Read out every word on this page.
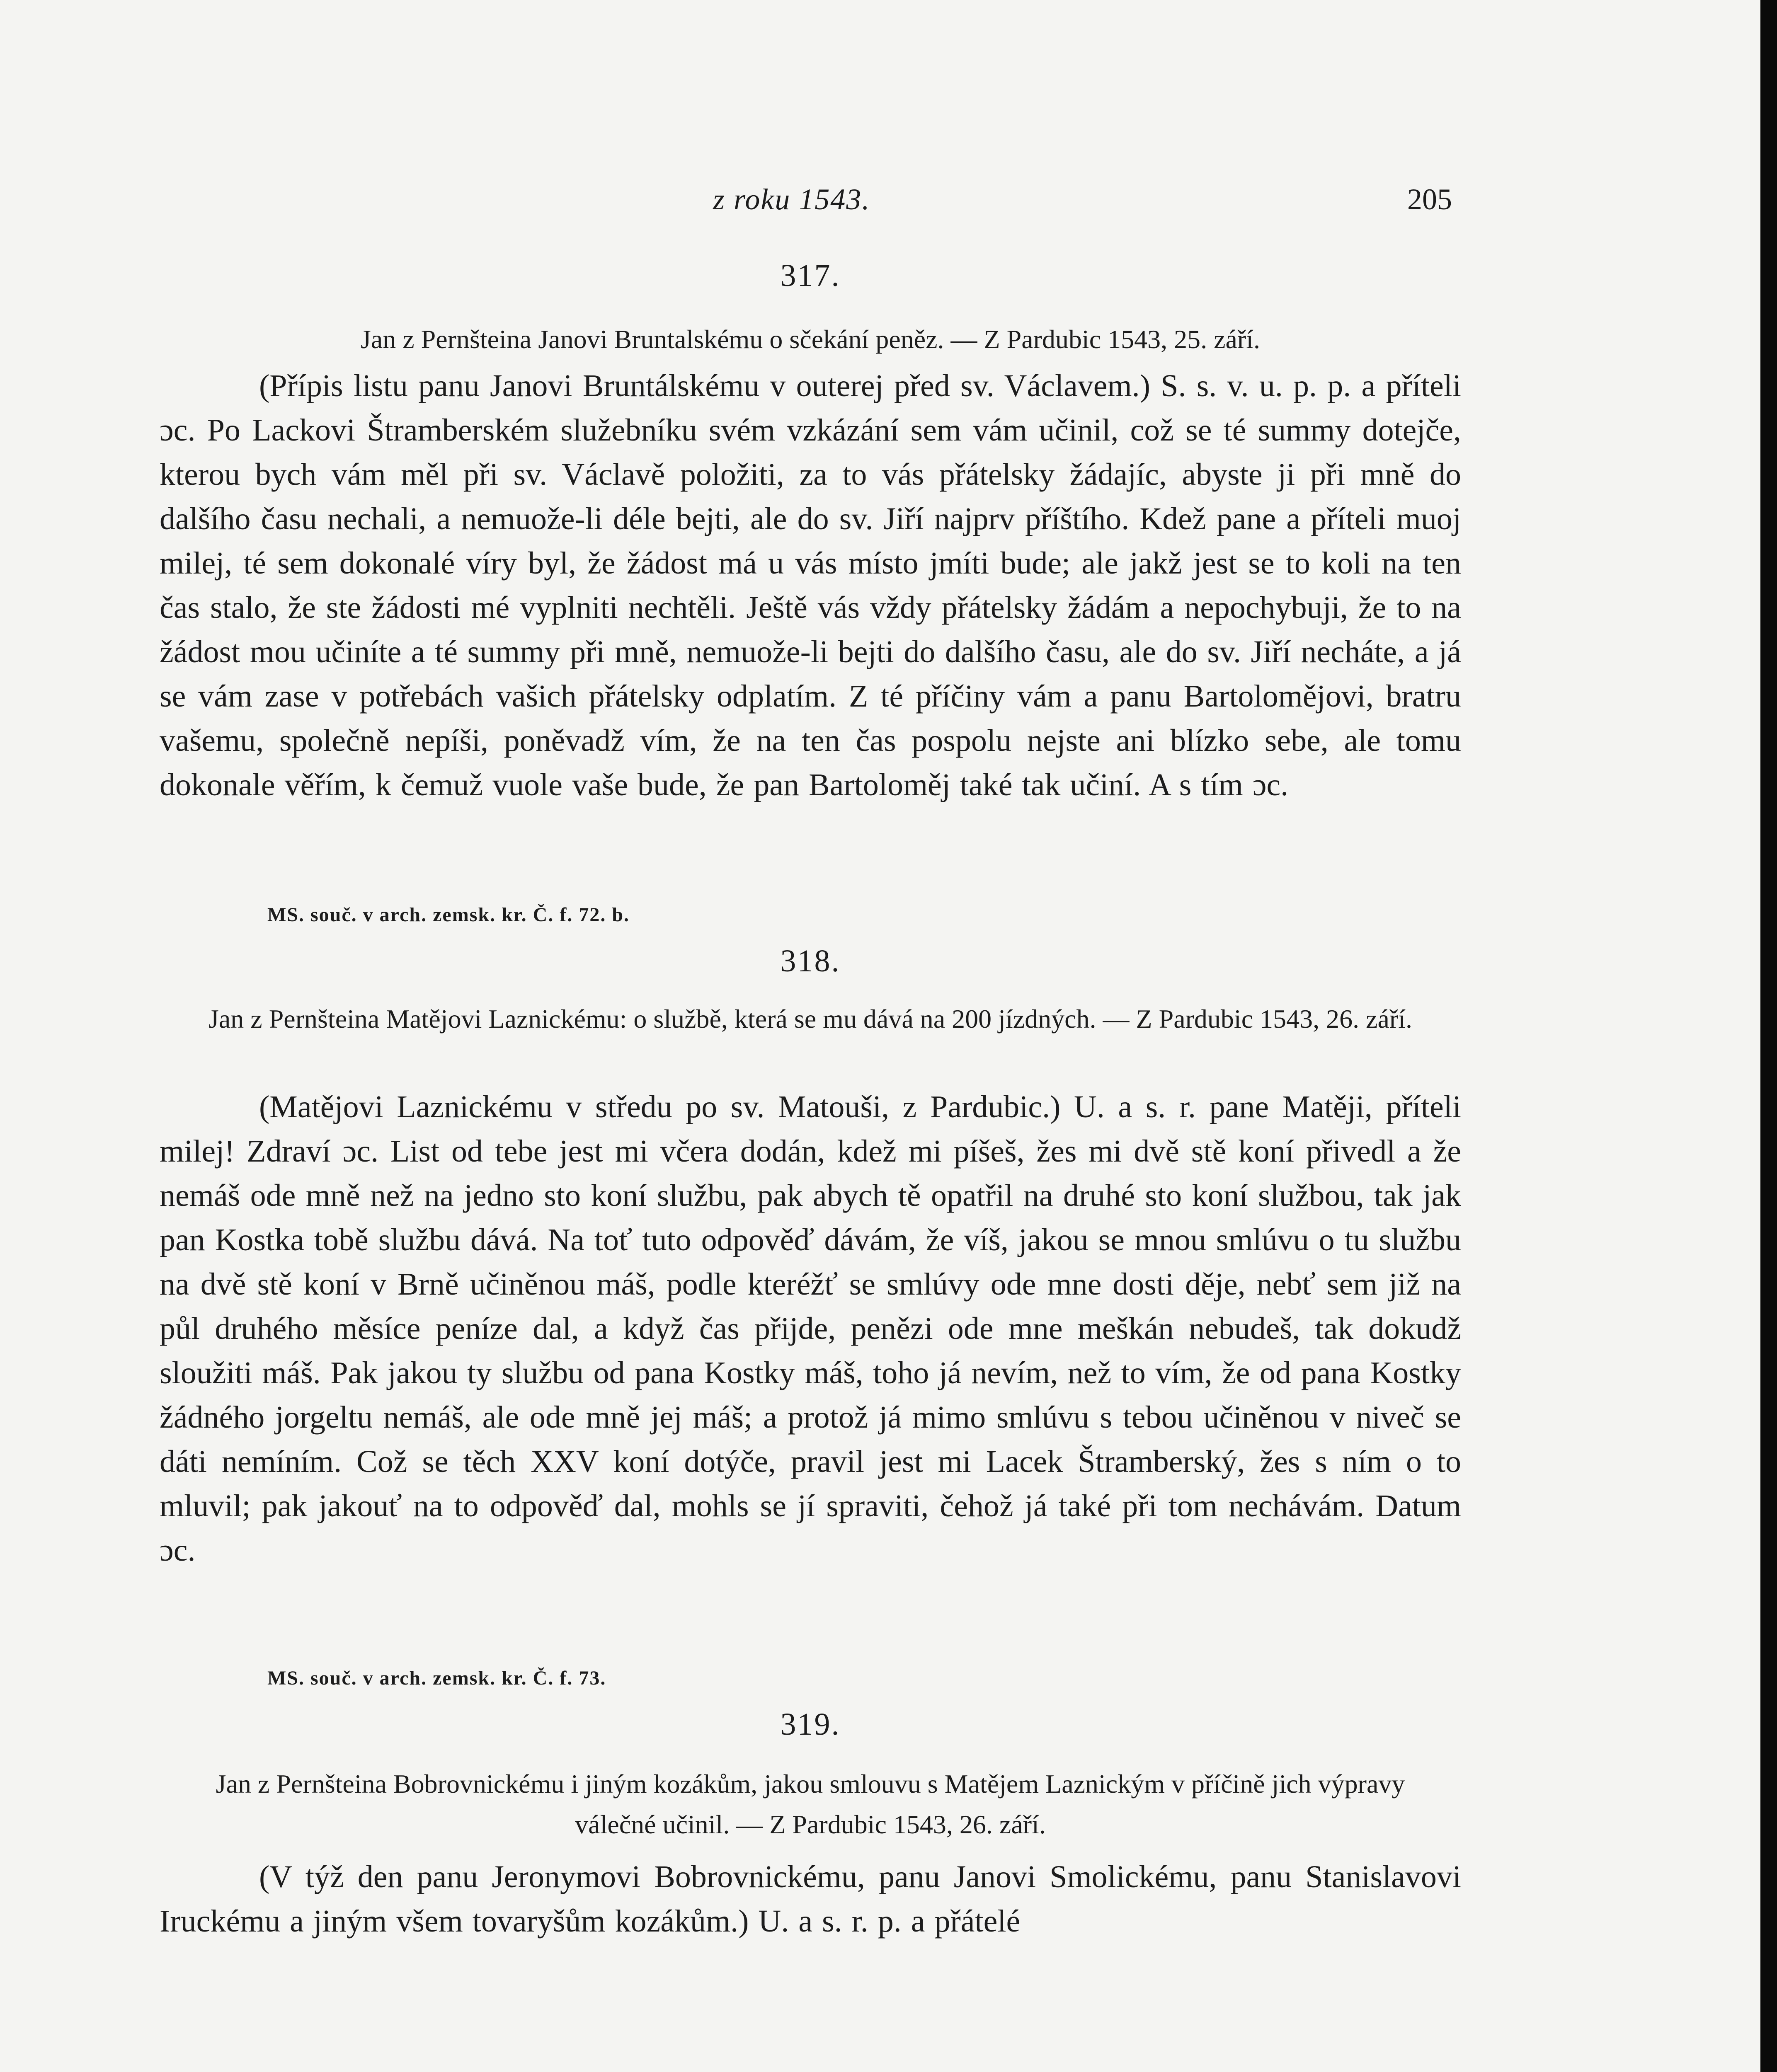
z roku 1543.	205
317.
Jan z Pernšteina Janovi Bruntalskému o sčekání peněz. — Z Pardubic 1543, 25. září.
(Přípis listu panu Janovi Bruntálskému v outerej před sv. Václavem.) S. s. v. u. p. p. a příteli ɔc. Po Lackovi Štramberském služebníku svém vzkázání sem vám učinil, což se té summy dotejče, kterou bych vám měl při sv. Václavě položiti, za to vás přátelsky žádajíc, abyste ji při mně do dalšího času nechali, a nemuože-li déle bejti, ale do sv. Jiří najprv příštího. Kdež pane a příteli muoj milej, té sem dokonalé víry byl, že žádost má u vás místo jmíti bude; ale jakž jest se to koli na ten čas stalo, že ste žádosti mé vyplniti nechtěli. Ještě vás vždy přátelsky žádám a nepochybuji, že to na žádost mou učiníte a té summy při mně, nemuože-li bejti do dalšího času, ale do sv. Jiří necháte, a já se vám zase v potřebách vašich přátelsky odplatím. Z té příčiny vám a panu Bartolomějovi, bratru vašemu, společně nepíši, poněvadž vím, že na ten čas pospolu nejste ani blízko sebe, ale tomu dokonale věřím, k čemuž vuole vaše bude, že pan Bartoloměj také tak učiní. A s tím ɔc.
MS. souč. v arch. zemsk. kr. Č. f. 72. b.
318.
Jan z Pernšteina Matějovi Laznickému: o službě, která se mu dává na 200 jízdných. — Z Pardubic 1543, 26. září.
(Matějovi Laznickému v středu po sv. Matouši, z Pardubic.) U. a s. r. pane Matěji, příteli milej! Zdraví ɔc. List od tebe jest mi včera dodán, kdež mi píšeš, žes mi dvě stě koní přivedl a že nemáš ode mně než na jedno sto koní službu, pak abych tě opatřil na druhé sto koní službou, tak jak pan Kostka tobě službu dává. Na toť tuto odpověď dávám, že víš, jakou se mnou smlúvu o tu službu na dvě stě koní v Brně učiněnou máš, podle kteréžť se smlúvy ode mne dosti děje, nebť sem již na půl druhého měsíce peníze dal, a když čas přijde, penězi ode mne meškán nebudeš, tak dokudž sloužiti máš. Pak jakou ty službu od pana Kostky máš, toho já nevím, než to vím, že od pana Kostky žádného jorgeltu nemáš, ale ode mně jej máš; a protož já mimo smlúvu s tebou učiněnou v niveč se dáti nemíním. Což se těch XXV koní dotýče, pravil jest mi Lacek Štramberský, žes s ním o to mluvil; pak jakouť na to odpověď dal, mohls se jí spraviti, čehož já také při tom nechávám. Datum ɔc.
MS. souč. v arch. zemsk. kr. Č. f. 73.
319.
Jan z Pernšteina Bobrovnickému i jiným kozákům, jakou smlouvu s Matějem Laznickým v příčině jich výpravy válečné učinil. — Z Pardubic 1543, 26. září.
(V týž den panu Jeronymovi Bobrovnickému, panu Janovi Smolickému, panu Stanislavovi Iruckému a jiným všem tovaryšům kozákům.) U. a s. r. p. a přátelé
